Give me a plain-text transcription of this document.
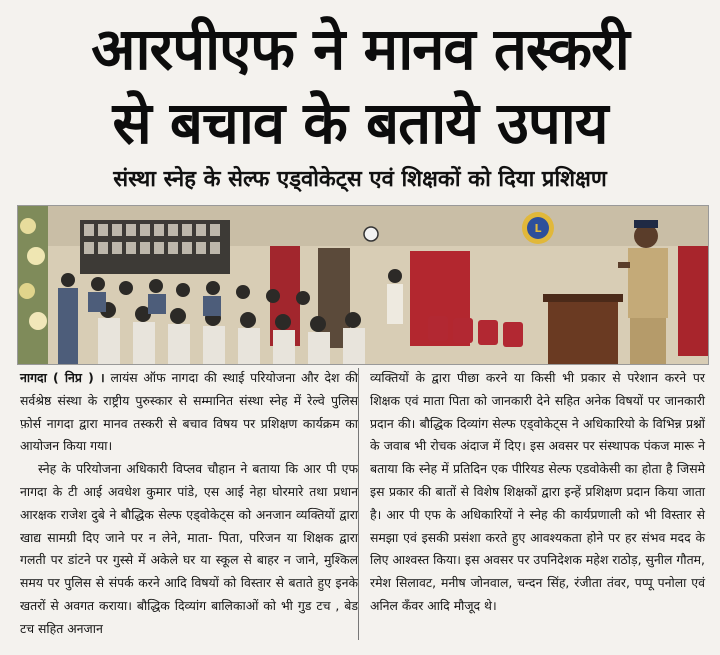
आरपीएफ ने मानव तस्करी
से बचाव के बताये उपाय
संस्था स्नेह के सेल्फ एड्वोकेट्स एवं शिक्षकों को दिया प्रशिक्षण
L

नागदा ( निप्र ) । लायंस ऑफ नागदा की स्थाई परियोजना और देश की सर्वश्रेष्ठ संस्था के राष्ट्रीय पुरुस्कार से सम्मानित संस्था स्नेह में रेल्वे पुलिस फ़ोर्स नागदा द्वारा मानव तस्करी से बचाव विषय पर प्रशिक्षण कार्यक्रम का आयोजन किया गया।

स्नेह के परियोजना अधिकारी विप्लव चौहान ने बताया कि आर पी एफ नागदा के टी आई अवधेश कुमार पांडे, एस आई नेहा घोरमारे तथा प्रधान आरक्षक राजेश दुबे ने बौद्धिक सेल्फ एड्वोकेट्स को अनजान व्यक्तियों द्वारा खाद्य सामग्री दिए जाने पर न लेने, माता- पिता, परिजन या शिक्षक द्वारा गलती पर डांटने पर गुस्से में अकेले घर या स्कूल से बाहर न जाने, मुश्किल समय पर पुलिस से संपर्क करने आदि विषयों को विस्तार से बताते हुए इनके खतरों से अवगत कराया। बौद्धिक दिव्यांग बालिकाओं को भी गुड टच , बेड टच सहित अनजान

व्यक्तियों के द्वारा पीछा करने या किसी भी प्रकार से परेशान करने पर शिक्षक एवं माता पिता को जानकारी देने सहित अनेक विषयों पर जानकारी प्रदान की। बौद्धिक दिव्यांग सेल्फ एड्वोकेट्स ने अधिकारियो के विभिन्न प्रश्नों के जवाब भी रोचक अंदाज में दिए। इस अवसर पर संस्थापक पंकज मारू ने बताया कि स्नेह में प्रतिदिन एक पीरियड सेल्फ एडवोकेसी का होता है जिसमे इस प्रकार की बातों से विशेष शिक्षकों द्वारा इन्हें प्रशिक्षण प्रदान किया जाता है। आर पी एफ के अधिकारियों ने स्नेह की कार्यप्रणाली को भी विस्तार से समझा एवं इसकी प्रसंशा करते हुए आवश्यकता होने पर हर संभव मदद के लिए आश्वस्त किया। इस अवसर पर उपनिदेशक महेश राठोड़, सुनील गौतम, रमेश सिलावट, मनीष जोनवाल, चन्दन सिंह, रंजीता तंवर, पप्पू पनोला एवं अनिल कँवर आदि मौजूद थे।
